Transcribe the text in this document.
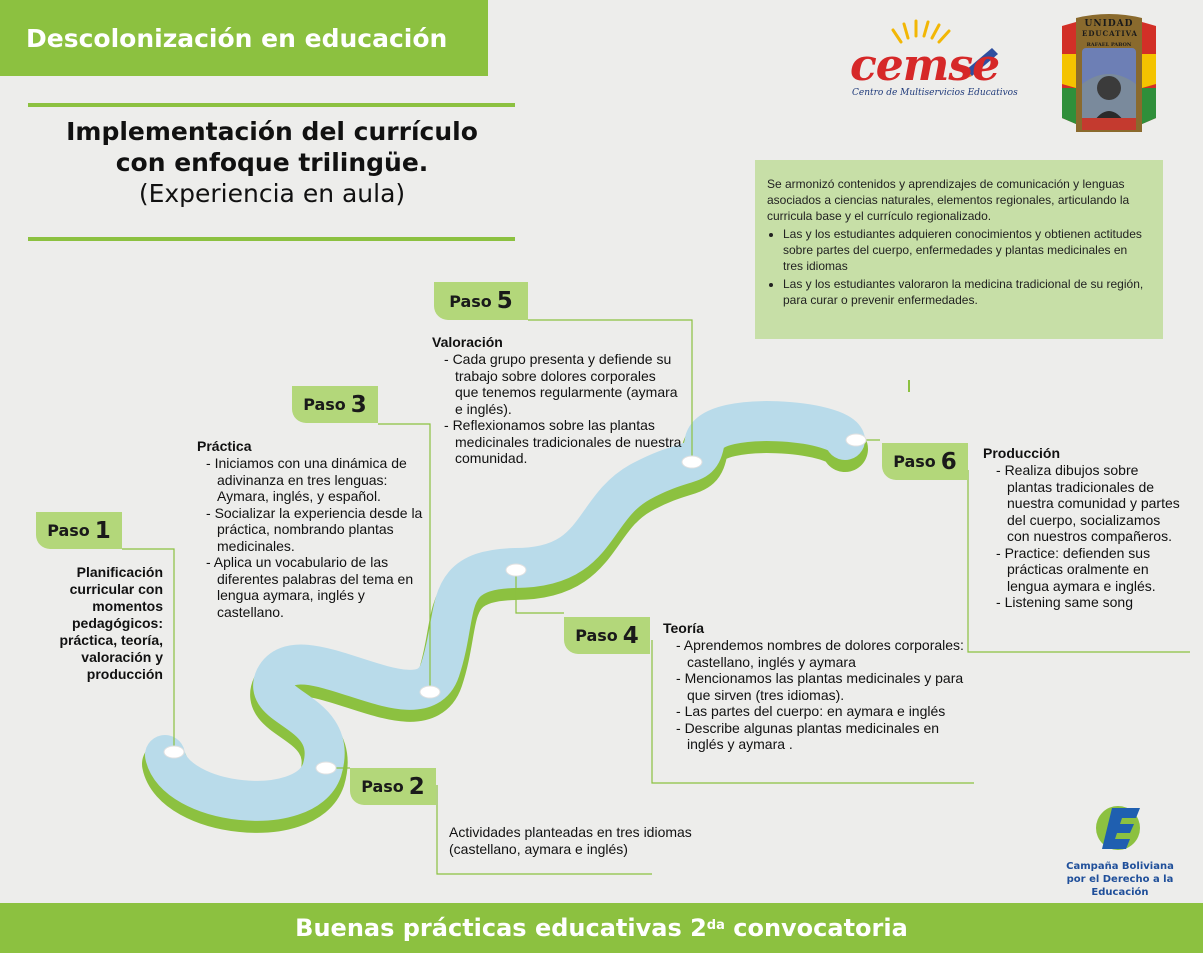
Descolonización en educación
Implementación del currículo
con enfoque trilingüe.
(Experiencia en aula)
cemse
Centro de Multiservicios Educativos
UNIDAD
EDUCATIVA
RAFAEL PABON
Se armonizó contenidos y aprendizajes de comunicación y lenguas asociados a ciencias naturales, elementos regionales, articulando la curricula base y el currículo regionalizado.
• Las y los estudiantes adquieren conocimientos y obtienen actitudes sobre partes del cuerpo, enfermedades y plantas medicinales en tres idiomas
• Las y los estudiantes valoraron la medicina tradicional de su región, para curar o prevenir enfermedades.
Paso 1
Planificación curricular con momentos pedagógicos: práctica, teoría, valoración y producción
Paso 2
Actividades planteadas en tres idiomas (castellano, aymara e inglés)
Paso 3
Práctica
- Iniciamos con una dinámica de adivinanza en tres lenguas: Aymara, inglés, y español.
- Socializar la experiencia desde la práctica, nombrando plantas medicinales.
- Aplica un vocabulario de las diferentes palabras del tema en lengua aymara, inglés y castellano.
Paso 4 Teoría
- Aprendemos nombres de dolores corporales: castellano, inglés y aymara
- Mencionamos las plantas medicinales y para que sirven (tres idiomas).
- Las partes del cuerpo: en aymara e inglés
- Describe algunas plantas medicinales en inglés y aymara .
Paso 5
Valoración
- Cada grupo presenta y defiende su trabajo sobre dolores corporales que tenemos regularmente (aymara e inglés).
- Reflexionamos sobre las plantas medicinales tradicionales de nuestra comunidad.	Paso 6 Producción
- Realiza dibujos sobre plantas tradicionales de nuestra comunidad y partes del cuerpo, socializamos con nuestros compañeros.
- Practice: defienden sus prácticas oralmente en lengua aymara e inglés.
- Listening same song
Campaña Boliviana
por el Derecho a la Educación
Buenas prácticas educativas $2^{da}$ convocatoria
